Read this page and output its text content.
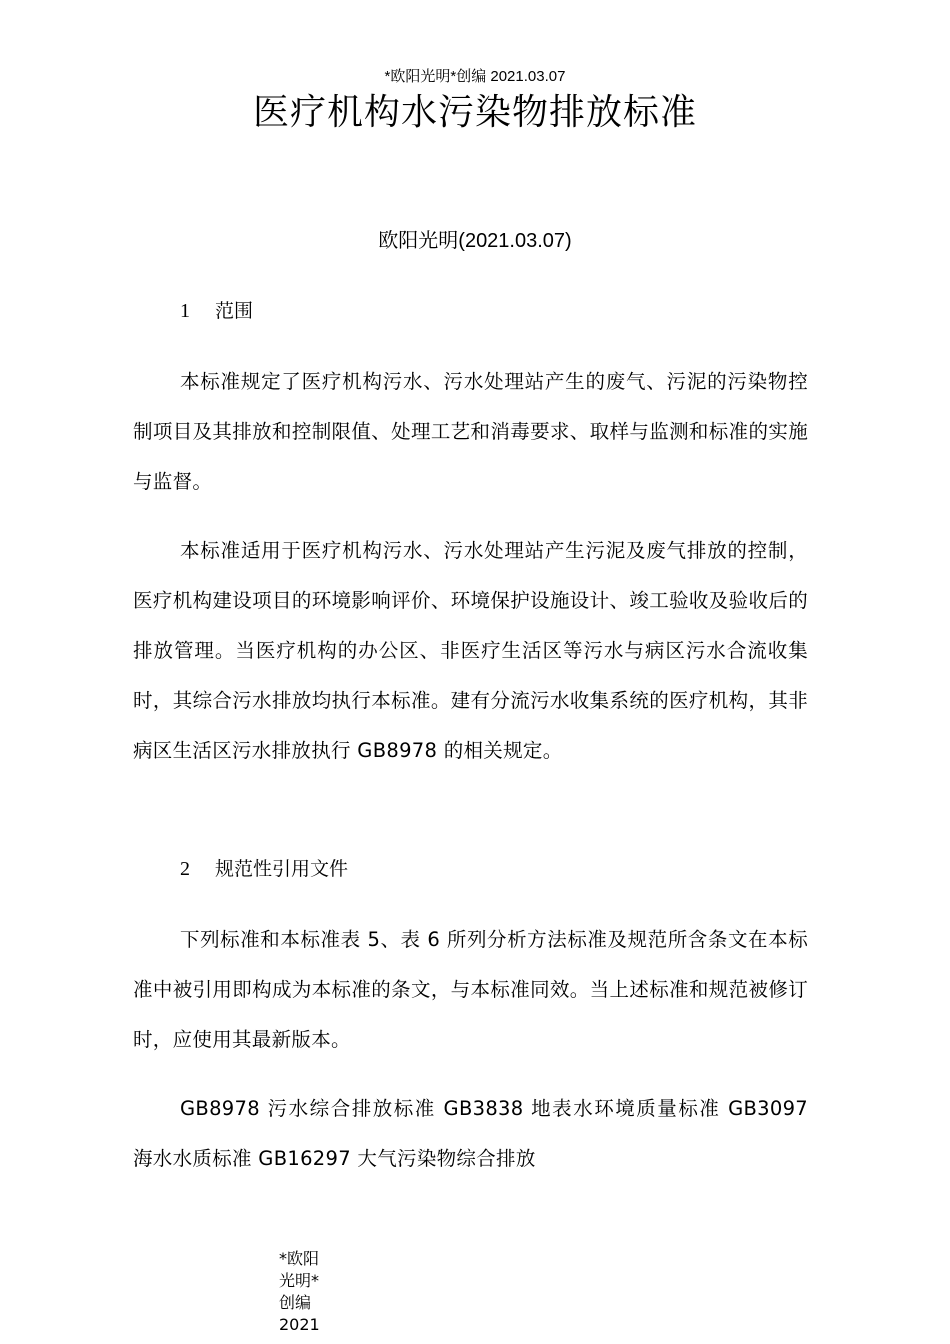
*欧阳光明*创编 2021.03.07
医疗机构水污染物排放标准
欧阳光明(2021.03.07)
1 范围

本标准规定了医疗机构污水、污水处理站产生的废气、污泥的污染物控制项目及其排放和控制限值、处理工艺和消毒要求、取样与监测和标准的实施与监督。

本标准适用于医疗机构污水、污水处理站产生污泥及废气排放的控制，医疗机构建设项目的环境影响评价、环境保护设施设计、竣工验收及验收后的排放管理。当医疗机构的办公区、非医疗生活区等污水与病区污水合流收集时，其综合污水排放均执行本标准。建有分流污水收集系统的医疗机构，其非病区生活区污水排放执行 GB8978 的相关规定。

2 规范性引用文件

下列标准和本标准表 5、表 6 所列分析方法标准及规范所含条文在本标准中被引用即构成为本标准的条文，与本标准同效。当上述标准和规范被修订时，应使用其最新版本。

GB8978 污水综合排放标准 GB3838 地表水环境质量标准 GB3097 海水水质标准 GB16297 大气污染物综合排放

*欧阳光明*创编 2021
